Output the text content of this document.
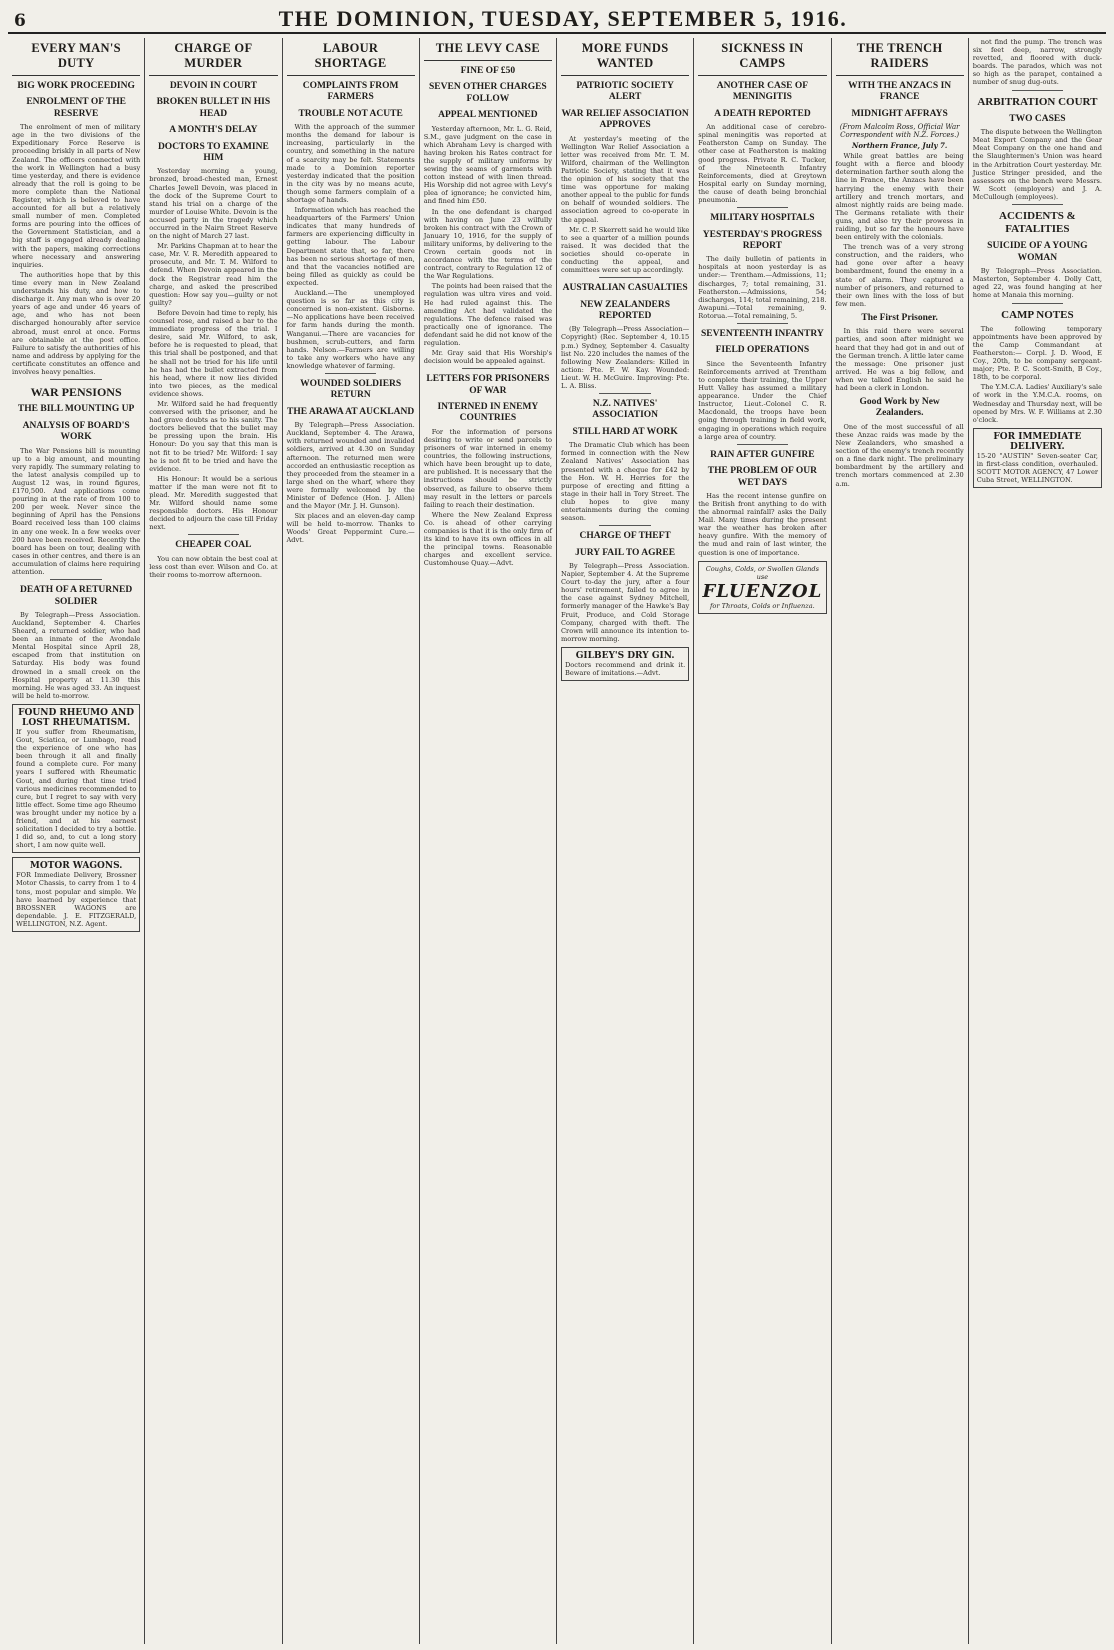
6	THE DOMINION, TUESDAY, SEPTEMBER 5, 1916.
EVERY MAN'S DUTY
BIG WORK PROCEEDING
ENROLMENT OF THE RESERVE

The enrolment of men of military age in the two divisions of the Expeditionary Force Reserve is proceeding briskly in all parts of New Zealand. The officers connected with the work in Wellington had a busy time yesterday, and there is evidence already that the roll is going to be more complete than the National Register, which is believed to have accounted for all but a relatively small number of men. Completed forms are pouring into the offices of the Government Statistician, and a big staff is engaged already dealing with the papers, making corrections where necessary and answering inquiries.

The authorities hope that by this time every man in New Zealand understands his duty, and how to discharge it. Any man who is over 20 years of age and under 46 years of age, and who has not been discharged honourably after service abroad, must enrol at once. Forms are obtainable at the post office. Failure to satisfy the authorities of his name and address by applying for the certificate constitutes an offence and involves heavy penalties.

WAR PENSIONS
THE BILL MOUNTING UP
ANALYSIS OF BOARD'S WORK

The War Pensions bill is mounting up to a big amount, and mounting very rapidly. The summary relating to the latest analysis compiled up to August 12 was, in round figures, £170,500. And applications come pouring in at the rate of from 100 to 200 per week. Never since the beginning of April has the Pensions Board received less than 100 claims in any one week. In a few weeks over 200 have been received. Recently the board has been on tour, dealing with cases in other centres, and there is an accumulation of claims here requiring attention.

DEATH OF A RETURNED SOLDIER

By Telegraph—Press Association. Auckland, September 4. Charles Sheard, a returned soldier, who had been an inmate of the Avondale Mental Hospital since April 28, escaped from that institution on Saturday. His body was found drowned in a small creek on the Hospital property at 11.30 this morning. He was aged 33. An inquest will be held to-morrow.

FOUND RHEUMO AND LOST RHEUMATISM.
If you suffer from Rheumatism, Gout, Sciatica, or Lumbago, read the experience of one who has been through it all and finally found a complete cure. For many years I suffered with Rheumatic Gout, and during that time tried various medicines recommended to cure, but I regret to say with very little effect. Some time ago Rheumo was brought under my notice by a friend, and at his earnest solicitation I decided to try a bottle. I did so, and, to cut a long story short, I am now quite well.
MOTOR WAGONS.
FOR Immediate Delivery, Brossner Motor Chassis, to carry from 1 to 4 tons, most popular and simple. We have learned by experience that BROSSNER WAGONS are dependable. J. E. FITZGERALD, WELLINGTON, N.Z. Agent.
CHARGE OF MURDER
DEVOIN IN COURT
BROKEN BULLET IN HIS HEAD
A MONTH'S DELAY
DOCTORS TO EXAMINE HIM

Yesterday morning a young, bronzed, broad-chested man, Ernest Charles Jewell Devoin, was placed in the dock of the Supreme Court to stand his trial on a charge of the murder of Louise White. Devoin is the accused party in the tragedy which occurred in the Nairn Street Reserve on the night of March 27 last.

Mr. Parkins Chapman at to hear the case, Mr. V. R. Meredith appeared to prosecute, and Mr. T. M. Wilford to defend. When Devoin appeared in the dock the Registrar read him the charge, and asked the prescribed question: How say you—guilty or not guilty?

Before Devoin had time to reply, his counsel rose, and raised a bar to the immediate progress of the trial. I desire, said Mr. Wilford, to ask, before he is requested to plead, that this trial shall be postponed, and that he shall not be tried for his life until he has had the bullet extracted from his head, where it now lies divided into two pieces, as the medical evidence shows.

Mr. Wilford said he had frequently conversed with the prisoner, and he had grave doubts as to his sanity. The doctors believed that the bullet may be pressing upon the brain. His Honour: Do you say that this man is not fit to be tried? Mr. Wilford: I say he is not fit to be tried and have the evidence.

His Honour: It would be a serious matter if the man were not fit to plead. Mr. Meredith suggested that Mr. Wilford should name some responsible doctors. His Honour decided to adjourn the case till Friday next.

CHEAPER COAL

You can now obtain the best coal at less cost than ever. Wilson and Co. at their rooms to-morrow afternoon.

LABOUR SHORTAGE
COMPLAINTS FROM FARMERS
TROUBLE NOT ACUTE

With the approach of the summer months the demand for labour is increasing, particularly in the country, and something in the nature of a scarcity may be felt. Statements made to a Dominion reporter yesterday indicated that the position in the city was by no means acute, though some farmers complain of a shortage of hands.

Information which has reached the headquarters of the Farmers' Union indicates that many hundreds of farmers are experiencing difficulty in getting labour. The Labour Department state that, so far, there has been no serious shortage of men, and that the vacancies notified are being filled as quickly as could be expected.

Auckland.—The unemployed question is so far as this city is concerned is non-existent. Gisborne.—No applications have been received for farm hands during the month. Wanganui.—There are vacancies for bushmen, scrub-cutters, and farm hands. Nelson.—Farmers are willing to take any workers who have any knowledge whatever of farming.

WOUNDED SOLDIERS RETURN
THE ARAWA AT AUCKLAND

By Telegraph—Press Association. Auckland, September 4. The Arawa, with returned wounded and invalided soldiers, arrived at 4.30 on Sunday afternoon. The returned men were accorded an enthusiastic reception as they proceeded from the steamer in a large shed on the wharf, where they were formally welcomed by the Minister of Defence (Hon. J. Allen) and the Mayor (Mr. J. H. Gunson).

Six places and an eleven-day camp will be held to-morrow. Thanks to Woods' Great Peppermint Cure.—Advt.

THE LEVY CASE
FINE OF £50
SEVEN OTHER CHARGES FOLLOW
APPEAL MENTIONED

Yesterday afternoon, Mr. L. G. Reid, S.M., gave judgment on the case in which Abraham Levy is charged with having broken his Rates contract for the supply of military uniforms by sewing the seams of garments with cotton instead of with linen thread. His Worship did not agree with Levy's plea of ignorance; he convicted him, and fined him £50.

In the one defendant is charged with having on June 23 wilfully broken his contract with the Crown of January 10, 1916, for the supply of military uniforms, by delivering to the Crown certain goods not in accordance with the terms of the contract, contrary to Regulation 12 of the War Regulations.

The points had been raised that the regulation was ultra vires and void. He had ruled against this. The amending Act had validated the regulations. The defence raised was practically one of ignorance. The defendant said he did not know of the regulation.

Mr. Gray said that His Worship's decision would be appealed against.

LETTERS FOR PRISONERS OF WAR
INTERNED IN ENEMY COUNTRIES

For the information of persons desiring to write or send parcels to prisoners of war interned in enemy countries, the following instructions, which have been brought up to date, are published. It is necessary that the instructions should be strictly observed, as failure to observe them may result in the letters or parcels failing to reach their destination.

Where the New Zealand Express Co. is ahead of other carrying companies is that it is the only firm of its kind to have its own offices in all the principal towns. Reasonable charges and excellent service. Customhouse Quay.—Advt.

MORE FUNDS WANTED
PATRIOTIC SOCIETY ALERT
WAR RELIEF ASSOCIATION APPROVES

At yesterday's meeting of the Wellington War Relief Association a letter was received from Mr. T. M. Wilford, chairman of the Wellington Patriotic Society, stating that it was the opinion of his society that the time was opportune for making another appeal to the public for funds on behalf of wounded soldiers. The association agreed to co-operate in the appeal.

Mr. C. P. Skerrett said he would like to see a quarter of a million pounds raised. It was decided that the societies should co-operate in conducting the appeal, and committees were set up accordingly.

AUSTRALIAN CASUALTIES
NEW ZEALANDERS REPORTED

(By Telegraph—Press Association—Copyright) (Rec. September 4, 10.15 p.m.) Sydney, September 4. Casualty list No. 220 includes the names of the following New Zealanders: Killed in action: Pte. F. W. Kay. Wounded: Lieut. W. H. McGuire. Improving: Pte. L. A. Bliss.

N.Z. NATIVES' ASSOCIATION
STILL HARD AT WORK

The Dramatic Club which has been formed in connection with the New Zealand Natives' Association has presented with a cheque for £42 by the Hon. W. H. Herries for the purpose of erecting and fitting a stage in their hall in Tory Street. The club hopes to give many entertainments during the coming season.

CHARGE OF THEFT
JURY FAIL TO AGREE

By Telegraph—Press Association. Napier, September 4. At the Supreme Court to-day the jury, after a four hours' retirement, failed to agree in the case against Sydney Mitchell, formerly manager of the Hawke's Bay Fruit, Produce, and Cold Storage Company, charged with theft. The Crown will announce its intention to-morrow morning.

GILBEY'S DRY GIN.
Doctors recommend and drink it. Beware of imitations.—Advt.
SICKNESS IN CAMPS
ANOTHER CASE OF MENINGITIS
A DEATH REPORTED

An additional case of cerebro-spinal meningitis was reported at Featherston Camp on Sunday. The other case at Featherston is making good progress. Private R. C. Tucker, of the Nineteenth Infantry Reinforcements, died at Greytown Hospital early on Sunday morning, the cause of death being bronchial pneumonia.

MILITARY HOSPITALS
YESTERDAY'S PROGRESS REPORT

The daily bulletin of patients in hospitals at noon yesterday is as under:— Trentham.—Admissions, 11; discharges, 7; total remaining, 31. Featherston.—Admissions, 54; discharges, 114; total remaining, 218. Awapuni.—Total remaining, 9. Rotorua.—Total remaining, 5.

SEVENTEENTH INFANTRY
FIELD OPERATIONS

Since the Seventeenth Infantry Reinforcements arrived at Trentham to complete their training, the Upper Hutt Valley has assumed a military appearance. Under the Chief Instructor, Lieut.-Colonel C. R. Macdonald, the troops have been going through training in field work, engaging in operations which require a large area of country.

RAIN AFTER GUNFIRE
THE PROBLEM OF OUR WET DAYS

Has the recent intense gunfire on the British front anything to do with the abnormal rainfall? asks the Daily Mail. Many times during the present war the weather has broken after heavy gunfire. With the memory of the mud and rain of last winter, the question is one of importance.

Coughs, Colds, or Swollen Glands use
FLUENZOL
for Throats, Colds or Influenza.
THE TRENCH RAIDERS
WITH THE ANZACS IN FRANCE
MIDNIGHT AFFRAYS
(From Malcolm Ross, Official War Correspondent with N.Z. Forces.)
Northern France, July 7.

While great battles are being fought with a fierce and bloody determination farther south along the line in France, the Anzacs have been harrying the enemy with their artillery and trench mortars, and almost nightly raids are being made. The Germans retaliate with their guns, and also try their prowess in raiding, but so far the honours have been entirely with the colonials.

The trench was of a very strong construction, and the raiders, who had gone over after a heavy bombardment, found the enemy in a state of alarm. They captured a number of prisoners, and returned to their own lines with the loss of but few men.

The First Prisoner.

In this raid there were several parties, and soon after midnight we heard that they had got in and out of the German trench. A little later came the message: One prisoner just arrived. He was a big fellow, and when we talked English he said he had been a clerk in London.

Good Work by New Zealanders.

One of the most successful of all these Anzac raids was made by the New Zealanders, who smashed a section of the enemy's trench recently on a fine dark night. The preliminary bombardment by the artillery and trench mortars commenced at 2.30 a.m.

not find the pump. The trench was six feet deep, narrow, strongly revetted, and floored with duck-boards. The parados, which was not so high as the parapet, contained a number of snug dug-outs.

ARBITRATION COURT
TWO CASES

The dispute between the Wellington Meat Export Company and the Gear Meat Company on the one hand and the Slaughtermen's Union was heard in the Arbitration Court yesterday. Mr. Justice Stringer presided, and the assessors on the bench were Messrs. W. Scott (employers) and J. A. McCullough (employees).

ACCIDENTS & FATALITIES
SUICIDE OF A YOUNG WOMAN

By Telegraph—Press Association. Masterton, September 4. Dolly Catt, aged 22, was found hanging at her home at Manaia this morning.

CAMP NOTES

The following temporary appointments have been approved by the Camp Commandant at Featherston:— Corpl. J. D. Wood, E Coy., 20th, to be company sergeant-major; Pte. P. C. Scott-Smith, B Coy., 18th, to be corporal.

The Y.M.C.A. Ladies' Auxiliary's sale of work in the Y.M.C.A. rooms, on Wednesday and Thursday next, will be opened by Mrs. W. F. Williams at 2.30 o'clock.

FOR IMMEDIATE DELIVERY.
15-20 "AUSTIN" Seven-seater Car, in first-class condition, overhauled. SCOTT MOTOR AGENCY, 47 Lower Cuba Street, WELLINGTON.
